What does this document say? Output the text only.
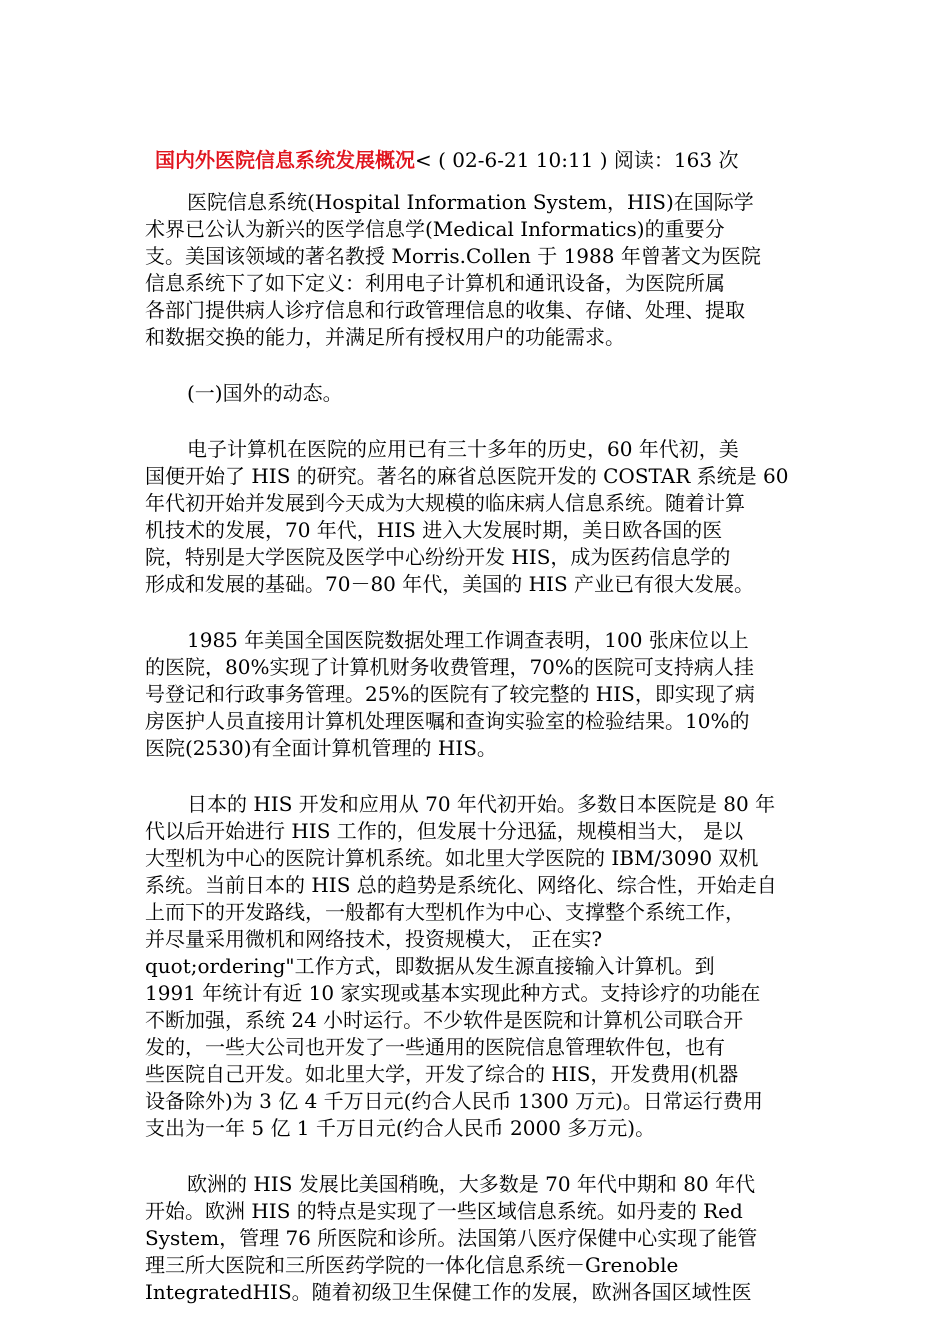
国内外医院信息系统发展概况< ( 02-6-21 10:11 ) 阅读：163 次

医院信息系统(Hospital Information System，HIS)在国际学
术界已公认为新兴的医学信息学(Medical Informatics)的重要分
支。美国该领域的著名教授 Morris.Collen 于 1988 年曾著文为医院
信息系统下了如下定义：利用电子计算机和通讯设备，为医院所属
各部门提供病人诊疗信息和行政管理信息的收集、存储、处理、提取
和数据交换的能力，并满足所有授权用户的功能需求。

(一)国外的动态。

电子计算机在医院的应用已有三十多年的历史，60 年代初，美
国便开始了 HIS 的研究。著名的麻省总医院开发的 COSTAR 系统是 60
年代初开始并发展到今天成为大规模的临床病人信息系统。随着计算
机技术的发展，70 年代，HIS 进入大发展时期，美日欧各国的医
院，特别是大学医院及医学中心纷纷开发 HIS，成为医药信息学的
形成和发展的基础。70－80 年代，美国的 HIS 产业已有很大发展。

1985 年美国全国医院数据处理工作调查表明，100 张床位以上
的医院，80%实现了计算机财务收费管理，70%的医院可支持病人挂
号登记和行政事务管理。25%的医院有了较完整的 HIS，即实现了病
房医护人员直接用计算机处理医嘱和查询实验室的检验结果。10%的
医院(2530)有全面计算机管理的 HIS。

日本的 HIS 开发和应用从 70 年代初开始。多数日本医院是 80 年
代以后开始进行 HIS 工作的，但发展十分迅猛，规模相当大， 是以
大型机为中心的医院计算机系统。如北里大学医院的 IBM/3090 双机
系统。当前日本的 HIS 总的趋势是系统化、网络化、综合性，开始走自
上而下的开发路线，一般都有大型机作为中心、支撑整个系统工作，
并尽量采用微机和网络技术，投资规模大， 正在实?
quot;ordering"工作方式，即数据从发生源直接输入计算机。到
1991 年统计有近 10 家实现或基本实现此种方式。支持诊疗的功能在
不断加强，系统 24 小时运行。不少软件是医院和计算机公司联合开
发的，一些大公司也开发了一些通用的医院信息管理软件包，也有
些医院自己开发。如北里大学，开发了综合的 HIS，开发费用(机器
设备除外)为 3 亿 4 千万日元(约合人民币 1300 万元)。日常运行费用
支出为一年 5 亿 1 千万日元(约合人民币 2000 多万元)。

欧洲的 HIS 发展比美国稍晚，大多数是 70 年代中期和 80 年代
开始。欧洲 HIS 的特点是实现了一些区域信息系统。如丹麦的 Red
System，管理 76 所医院和诊所。法国第八医疗保健中心实现了能管
理三所大医院和三所医药学院的一体化信息系统－Grenoble
IntegratedHIS。随着初级卫生保健工作的发展，欧洲各国区域性医
